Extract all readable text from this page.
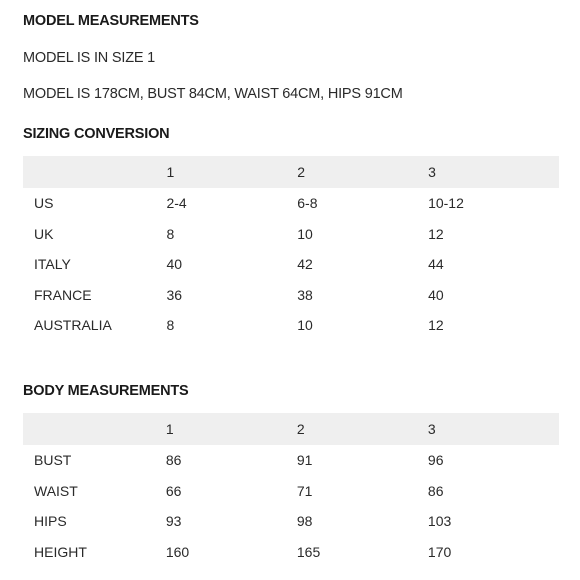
MODEL MEASUREMENTS

MODEL IS IN SIZE 1

MODEL IS 178CM, BUST 84CM, WAIST 64CM, HIPS 91CM

SIZING CONVERSION
	1	2	3
US	2-4	6-8	10-12
UK	8	10	12
ITALY	40	42	44
FRANCE	36	38	40
AUSTRALIA	8	10	12
BODY MEASUREMENTS
	1	2	3
BUST	86	91	96
WAIST	66	71	86
HIPS	93	98	103
HEIGHT	160	165	170
